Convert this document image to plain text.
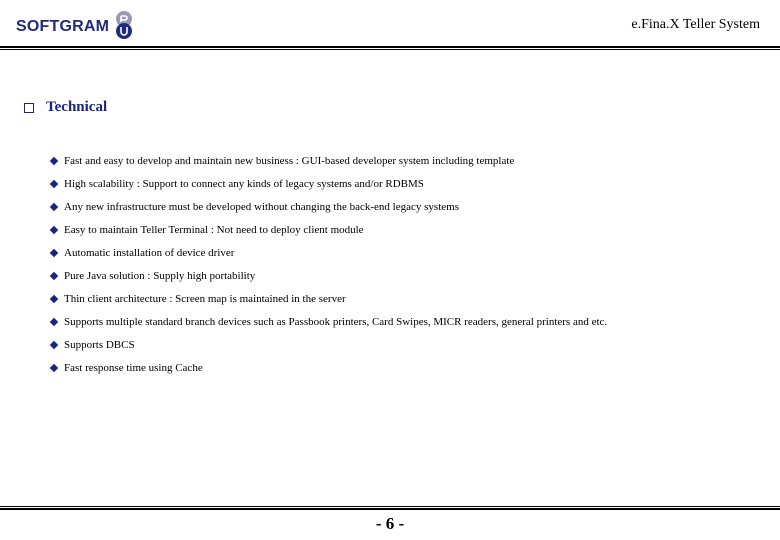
SOFTGRAM	e.Fina.X Teller System
Technical
Fast and easy to develop and maintain new business : GUI-based developer system including template
High scalability : Support to connect any kinds of legacy systems and/or RDBMS
Any new infrastructure must be developed without changing the back-end legacy systems
Easy to maintain Teller Terminal : Not need to deploy client module
Automatic installation of device driver
Pure Java solution : Supply high portability
Thin client architecture : Screen map is maintained in the server
Supports multiple standard branch devices such as Passbook printers, Card Swipes, MICR readers, general printers and etc.
Supports DBCS
Fast response time using Cache
- 6 -
